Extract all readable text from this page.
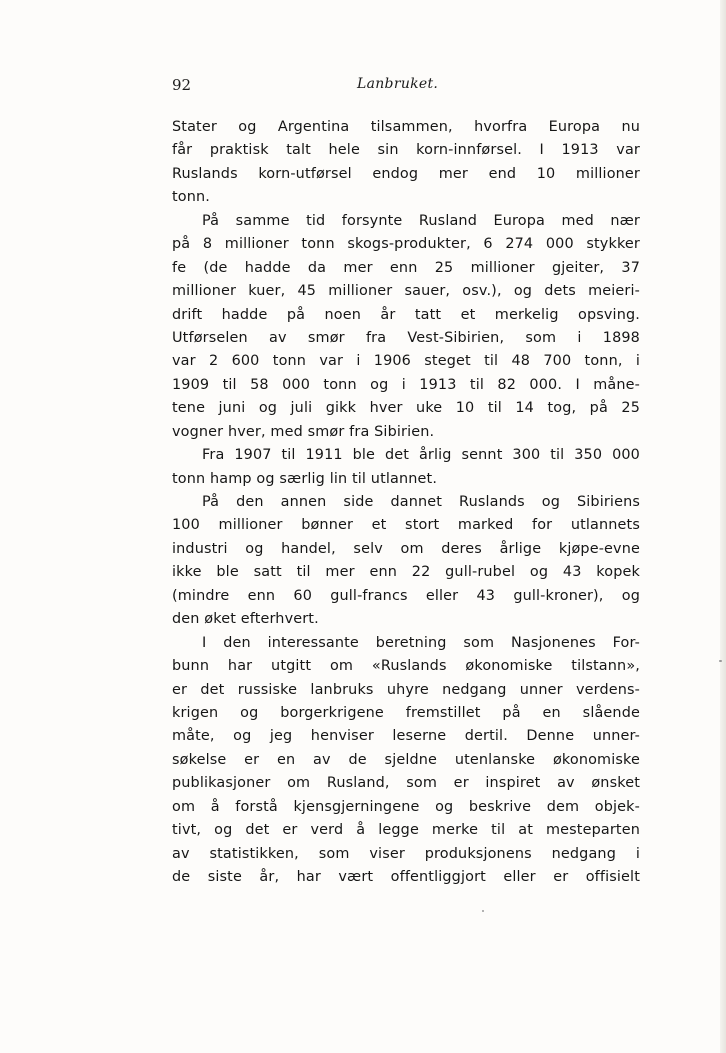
92	Lanbruket.
Stater og Argentina tilsammen, hvorfra Europa nu
får praktisk talt hele sin korn-innførsel. I 1913 var
Ruslands korn-utførsel endog mer end 10 millioner
tonn.
På samme tid forsynte Rusland Europa med nær
på 8 millioner tonn skogs-produkter, 6 274 000 stykker
fe (de hadde da mer enn 25 millioner gjeiter, 37
millioner kuer, 45 millioner sauer, osv.), og dets meieri-
drift hadde på noen år tatt et merkelig opsving.
Utførselen av smør fra Vest-Sibirien, som i 1898
var 2 600 tonn var i 1906 steget til 48 700 tonn, i
1909 til 58 000 tonn og i 1913 til 82 000. I måne-
tene juni og juli gikk hver uke 10 til 14 tog, på 25
vogner hver, med smør fra Sibirien.
Fra 1907 til 1911 ble det årlig sennt 300 til 350 000
tonn hamp og særlig lin til utlannet.
På den annen side dannet Ruslands og Sibiriens
100 millioner bønner et stort marked for utlannets
industri og handel, selv om deres årlige kjøpe-evne
ikke ble satt til mer enn 22 gull-rubel og 43 kopek
(mindre enn 60 gull-francs eller 43 gull-kroner), og
den øket efterhvert.
I den interessante beretning som Nasjonenes For-
bunn har utgitt om «Ruslands økonomiske tilstann»,
er det russiske lanbruks uhyre nedgang unner verdens-
krigen og borgerkrigene fremstillet på en slående
måte, og jeg henviser leserne dertil. Denne unner-
søkelse er en av de sjeldne utenlanske økonomiske
publikasjoner om Rusland, som er inspiret av ønsket
om å forstå kjensgjerningene og beskrive dem objek-
tivt, og det er verd å legge merke til at mesteparten
av statistikken, som viser produksjonens nedgang i
de siste år, har vært offentliggjort eller er offisielt
